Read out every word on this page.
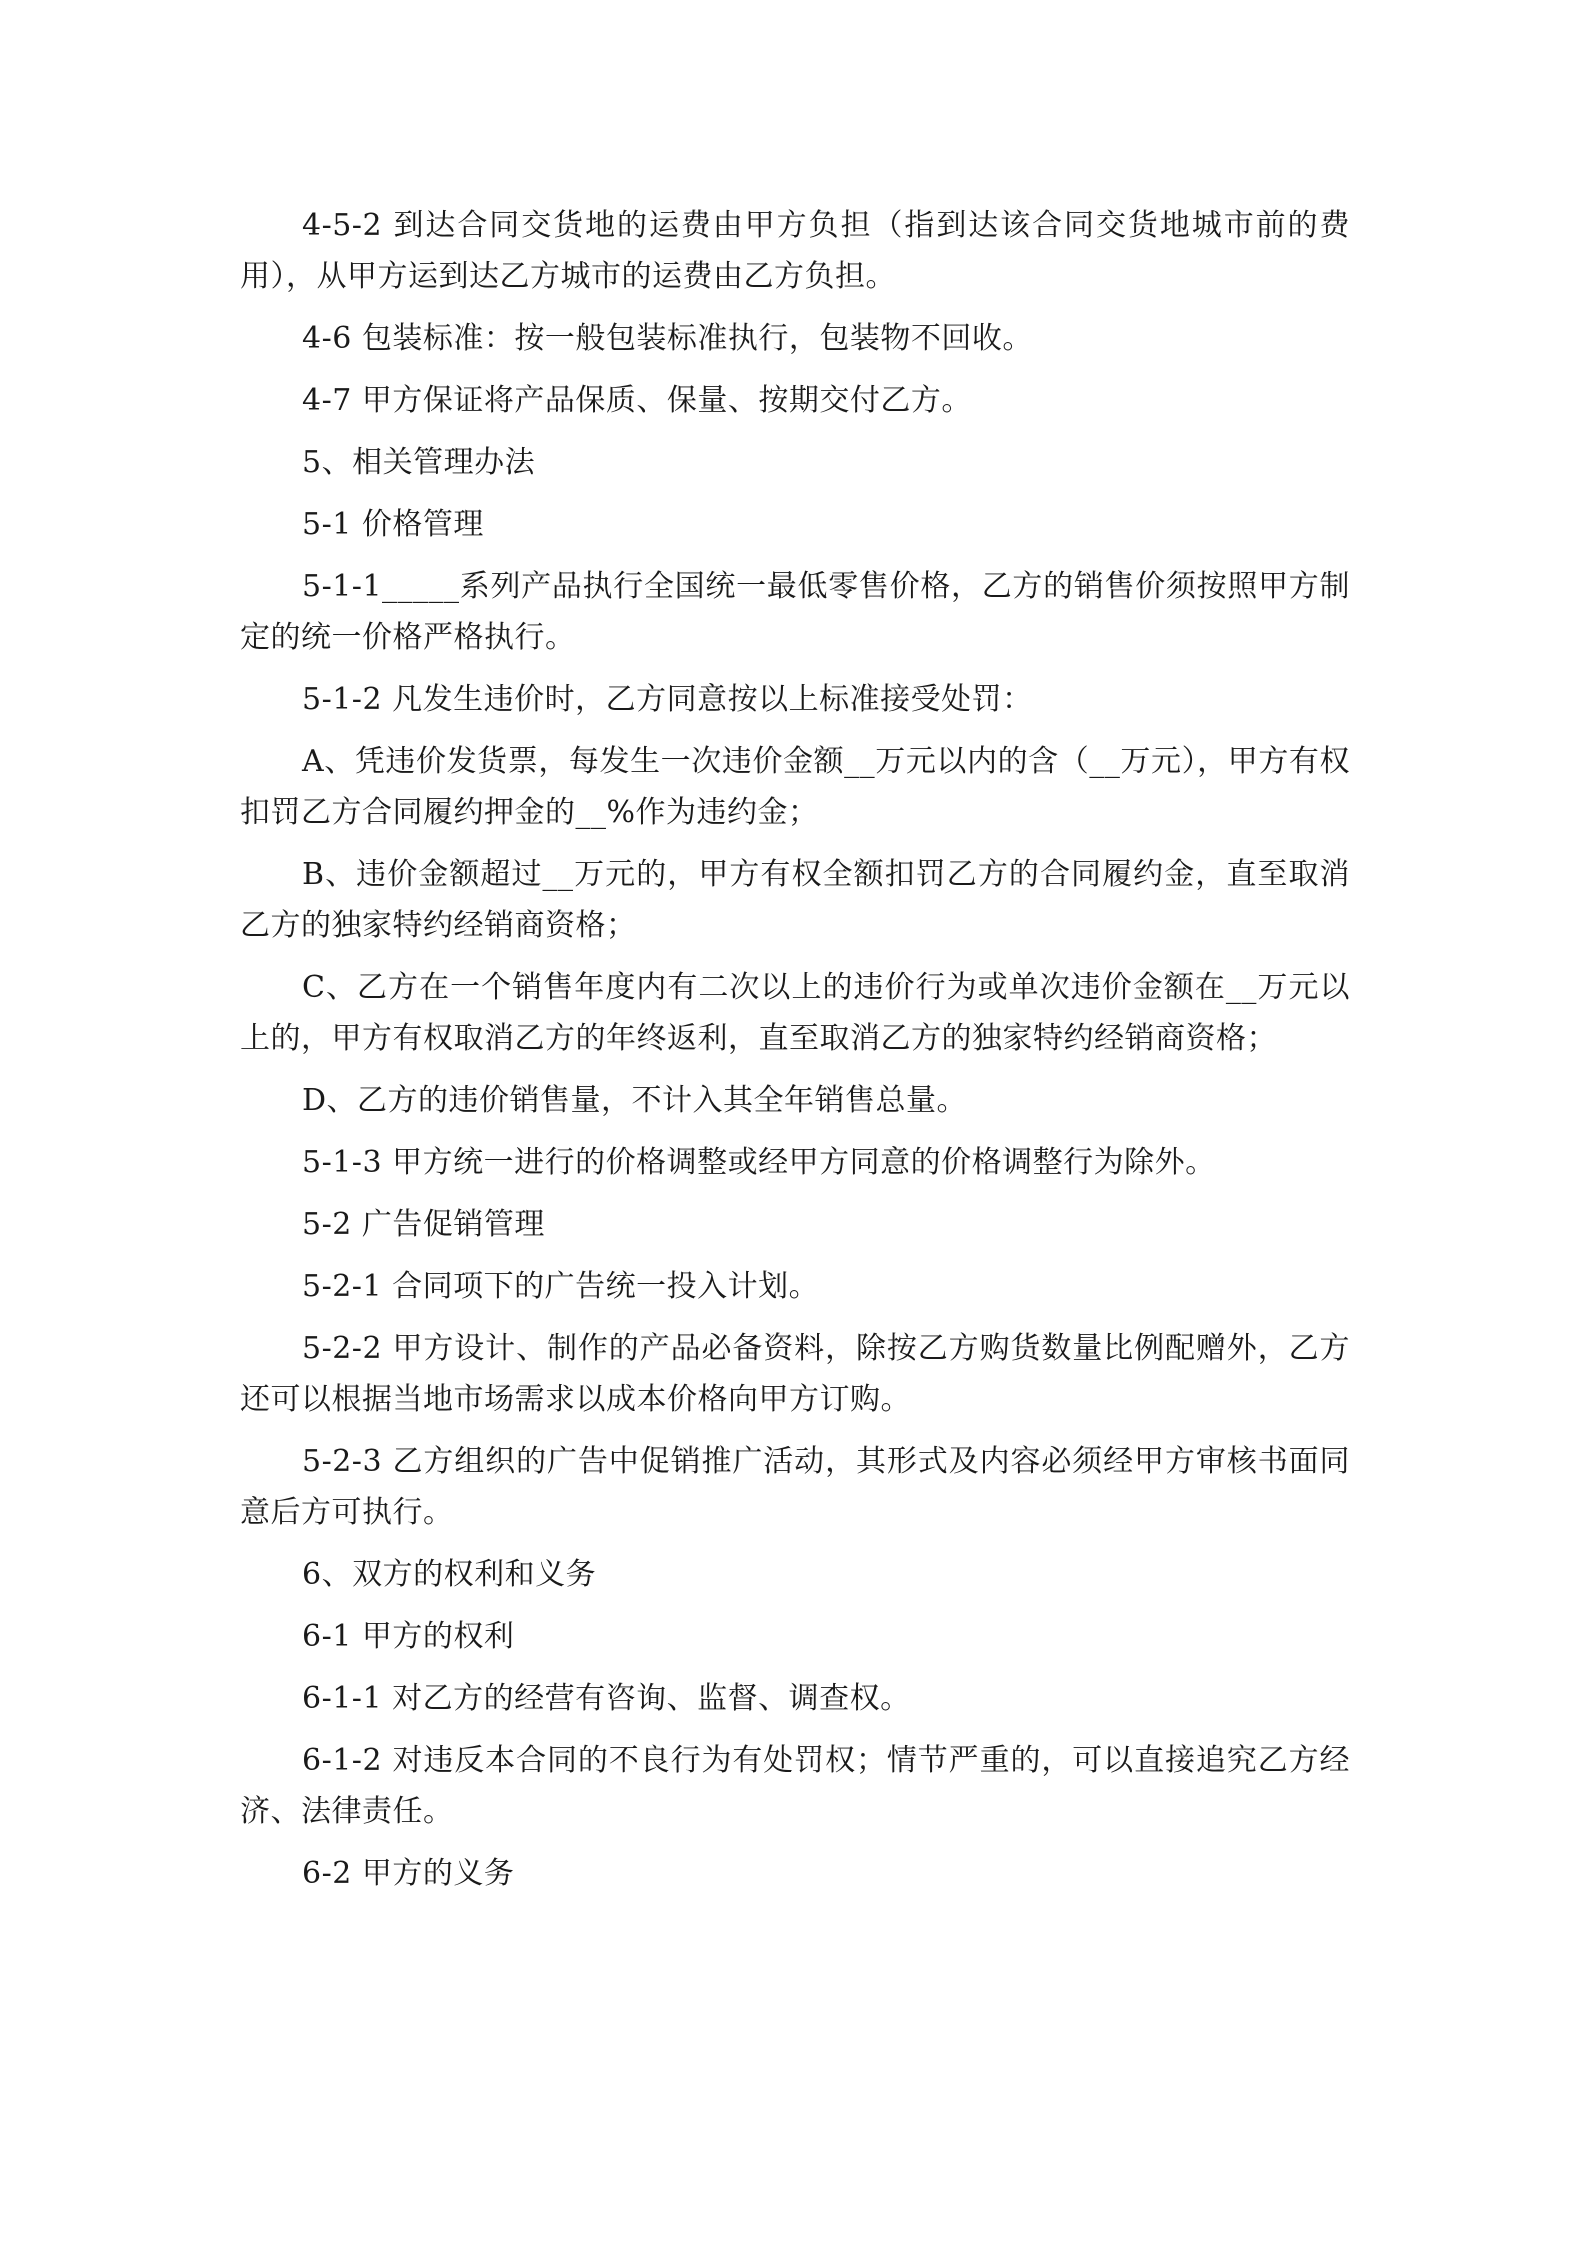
4-5-2 到达合同交货地的运费由甲方负担（指到达该合同交货地城市前的费用），从甲方运到达乙方城市的运费由乙方负担。

4-6 包装标准：按一般包装标准执行，包装物不回收。

4-7 甲方保证将产品保质、保量、按期交付乙方。

5、相关管理办法

5-1 价格管理

5-1-1_____系列产品执行全国统一最低零售价格，乙方的销售价须按照甲方制定的统一价格严格执行。

5-1-2 凡发生违价时，乙方同意按以上标准接受处罚：

A、凭违价发货票，每发生一次违价金额__万元以内的含（__万元），甲方有权扣罚乙方合同履约押金的__%作为违约金；

B、违价金额超过__万元的，甲方有权全额扣罚乙方的合同履约金，直至取消乙方的独家特约经销商资格；

C、乙方在一个销售年度内有二次以上的违价行为或单次违价金额在__万元以上的，甲方有权取消乙方的年终返利，直至取消乙方的独家特约经销商资格；

D、乙方的违价销售量，不计入其全年销售总量。

5-1-3 甲方统一进行的价格调整或经甲方同意的价格调整行为除外。

5-2 广告促销管理

5-2-1 合同项下的广告统一投入计划。

5-2-2 甲方设计、制作的产品必备资料，除按乙方购货数量比例配赠外，乙方还可以根据当地市场需求以成本价格向甲方订购。

5-2-3 乙方组织的广告中促销推广活动，其形式及内容必须经甲方审核书面同意后方可执行。

6、双方的权利和义务

6-1 甲方的权利

6-1-1 对乙方的经营有咨询、监督、调查权。

6-1-2 对违反本合同的不良行为有处罚权；情节严重的，可以直接追究乙方经济、法律责任。

6-2 甲方的义务
